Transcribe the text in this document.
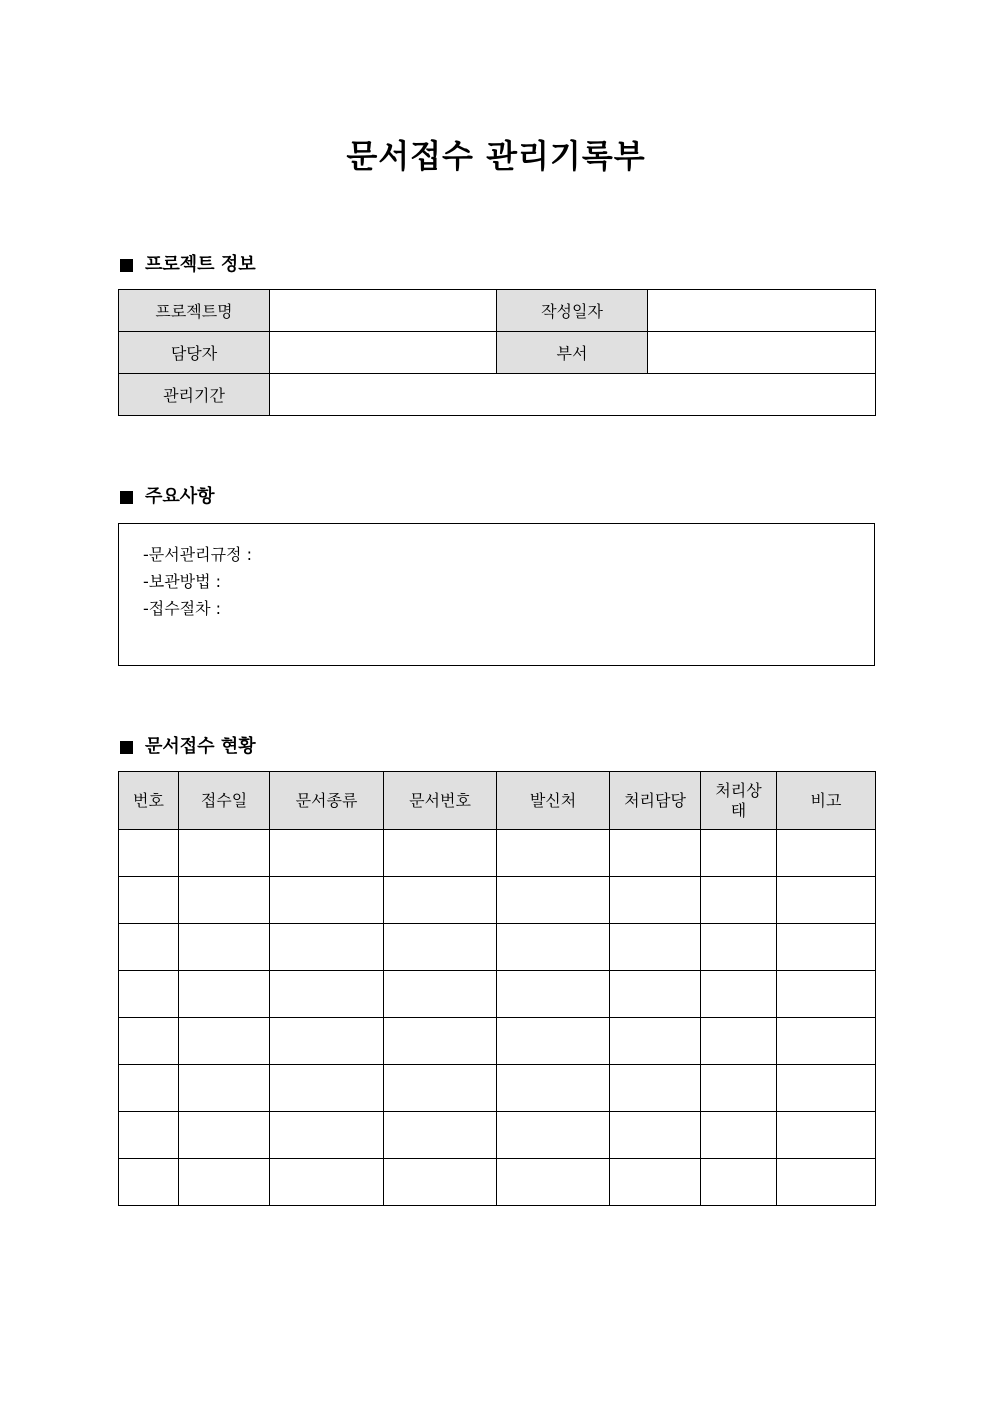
문서접수 관리기록부
프로젝트 정보
프로젝트명		작성일자	
담당자		부서	
관리기간			
주요사항
-문서관리규정 :
-보관방법 :
-접수절차 :
문서접수 현황
번호	접수일	문서종류	문서번호	발신처	처리담당	처리상태	비고
